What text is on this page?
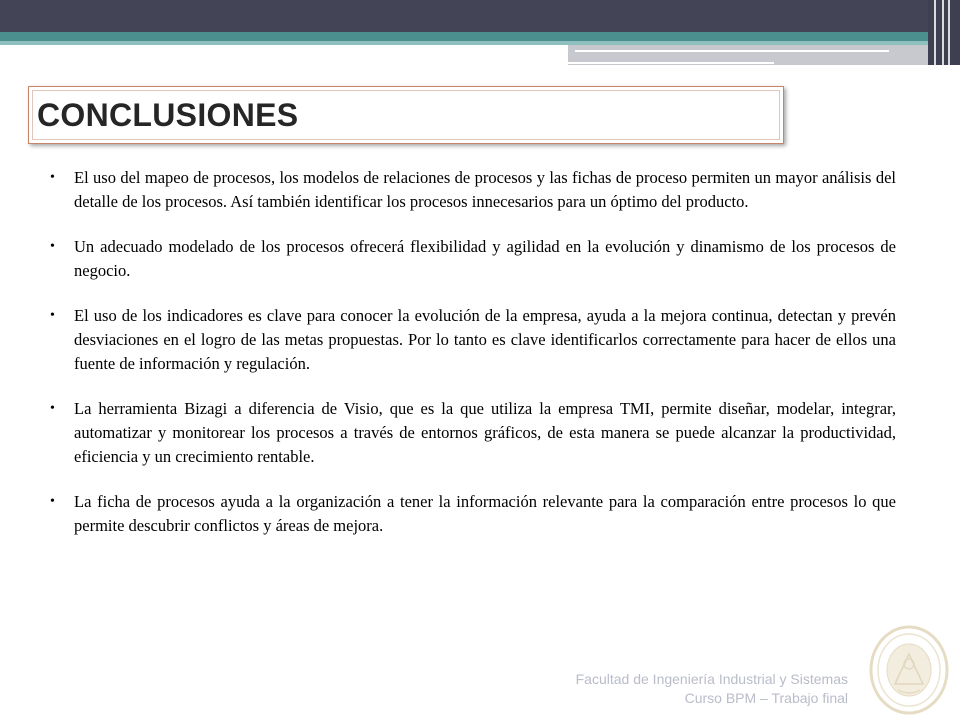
CONCLUSIONES
• El uso del mapeo de procesos, los modelos de relaciones de procesos y las fichas de proceso permiten un mayor análisis del detalle de los procesos. Así también identificar los procesos innecesarios para un óptimo del producto.
• Un adecuado modelado de los procesos ofrecerá flexibilidad y agilidad en la evolución y dinamismo de los procesos de negocio.
• El uso de los indicadores es clave para conocer la evolución de la empresa, ayuda a la mejora continua, detectan y prevén desviaciones en el logro de las metas propuestas. Por lo tanto es clave identificarlos correctamente para hacer de ellos una fuente de información y regulación.
• La herramienta Bizagi a diferencia de Visio, que es la que utiliza la empresa TMI, permite diseñar, modelar, integrar, automatizar y monitorear los procesos a través de entornos gráficos, de esta manera se puede alcanzar la productividad, eficiencia y un crecimiento rentable.
• La ficha de procesos ayuda a la organización a tener la información relevante para la comparación entre procesos lo que permite descubrir conflictos y áreas de mejora.
Facultad de Ingeniería Industrial y Sistemas
Curso BPM – Trabajo final
